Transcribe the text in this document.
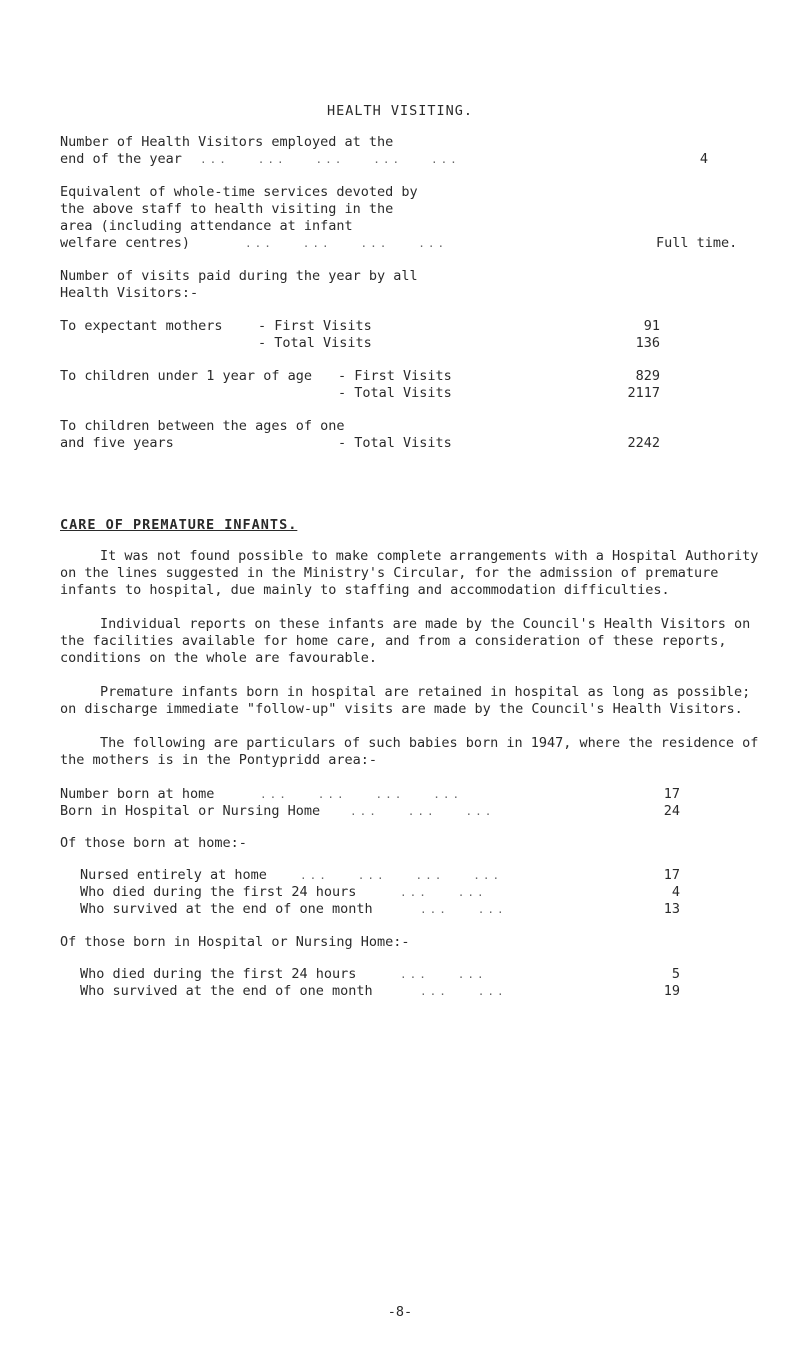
HEALTH VISITING.
Number of Health Visitors employed at the
end of the year ...   ...   ...   ...   ...	4
Equivalent of whole-time services devoted by
the above staff to health visiting in the
area (including attendance at infant
welfare centres)	...   ...   ...   ...	Full time.
Number of visits paid during the year by all
Health Visitors:-
To expectant mothers	- First Visits	91
- Total Visits	136
To children under 1 year of age - First Visits	829
- Total Visits	2117
To children between the ages of one
and five years	- Total Visits	2242
CARE OF PREMATURE INFANTS.

It was not found possible to make complete arrangements with a Hospital Authority on the lines suggested in the Ministry's Circular, for the admission of premature infants to hospital, due mainly to staffing and accommodation difficulties.

Individual reports on these infants are made by the Council's Health Visitors on the facilities available for home care, and from a consideration of these reports, conditions on the whole are favourable.

Premature infants born in hospital are retained in hospital as long as possible; on discharge immediate "follow-up" visits are made by the Council's Health Visitors.

The following are particulars of such babies born in 1947, where the residence of the mothers is in the Pontypridd area:-

Number born at home	...   ...   ...   ...	17
Born in Hospital or Nursing Home	...   ...   ...	24
Of those born at home:-
Nursed entirely at home	...   ...   ...   ...	17
Who died during the first 24 hours	...   ...	4
Who survived at the end of one month	...   ...	13
Of those born in Hospital or Nursing Home:-
Who died during the first 24 hours	...   ...	5
Who survived at the end of one month	...   ...	19
-8-
